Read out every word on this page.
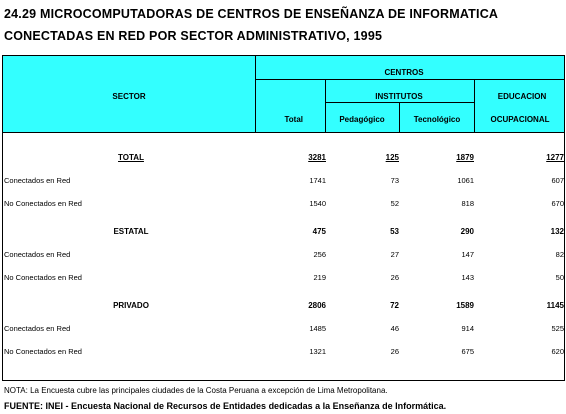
24.29 MICROCOMPUTADORAS DE CENTROS DE ENSEÑANZA DE INFORMATICA
CONECTADAS EN RED POR SECTOR ADMINISTRATIVO, 1995
SECTOR
CENTROS
INSTITUTOS	EDUCACION
OCUPACIONAL
Total	Pedagógico	Tecnológico
TOTAL	3281	125	1879	1277
Conectados en Red	1741	73	1061	607
No Conectados en Red	1540	52	818	670
ESTATAL	475	53	290	132
Conectados en Red	256	27	147	82
No Conectados en Red	219	26	143	50
PRIVADO	2806	72	1589	1145
Conectados en Red	1485	46	914	525
No Conectados en Red	1321	26	675	620
NOTA: La Encuesta cubre las principales ciudades de la Costa Peruana a excepción de Lima Metropolitana.
FUENTE: INEI - Encuesta Nacional de Recursos de Entidades dedicadas a la Enseñanza de Informática.
